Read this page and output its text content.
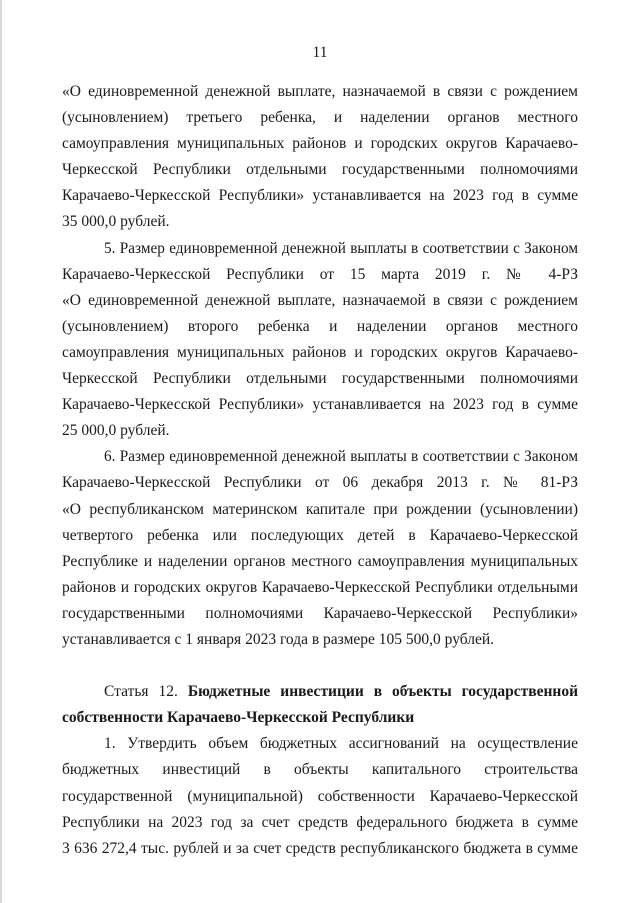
11
«О единовременной денежной выплате, назначаемой в связи с рождением
(усыновлением) третьего ребенка, и наделении органов местного
самоуправления муниципальных районов и городских округов Карачаево-
Черкесской Республики отдельными государственными полномочиями
Карачаево-Черкесской Республики» устанавливается на 2023 год в сумме
35 000,0 рублей.
5. Размер единовременной денежной выплаты в соответствии с Законом
Карачаево-Черкесской Республики от 15 марта 2019 г. № 4-РЗ
«О единовременной денежной выплате, назначаемой в связи с рождением
(усыновлением) второго ребенка и наделении органов местного
самоуправления муниципальных районов и городских округов Карачаево-
Черкесской Республики отдельными государственными полномочиями
Карачаево-Черкесской Республики» устанавливается на 2023 год в сумме
25 000,0 рублей.
6. Размер единовременной денежной выплаты в соответствии с Законом
Карачаево-Черкесской Республики от 06 декабря 2013 г. № 81-РЗ
«О республиканском материнском капитале при рождении (усыновлении)
четвертого ребенка или последующих детей в Карачаево-Черкесской
Республике и наделении органов местного самоуправления муниципальных
районов и городских округов Карачаево-Черкесской Республики отдельными
государственными полномочиями Карачаево-Черкесской Республики»
устанавливается с 1 января 2023 года в размере 105 500,0 рублей.
Статья 12. Бюджетные инвестиции в объекты государственной
собственности Карачаево-Черкесской Республики
1. Утвердить объем бюджетных ассигнований на осуществление
бюджетных инвестиций в объекты капитального строительства
государственной (муниципальной) собственности Карачаево-Черкесской
Республики на 2023 год за счет средств федерального бюджета в сумме
3 636 272,4 тыс. рублей и за счет средств республиканского бюджета в сумме
